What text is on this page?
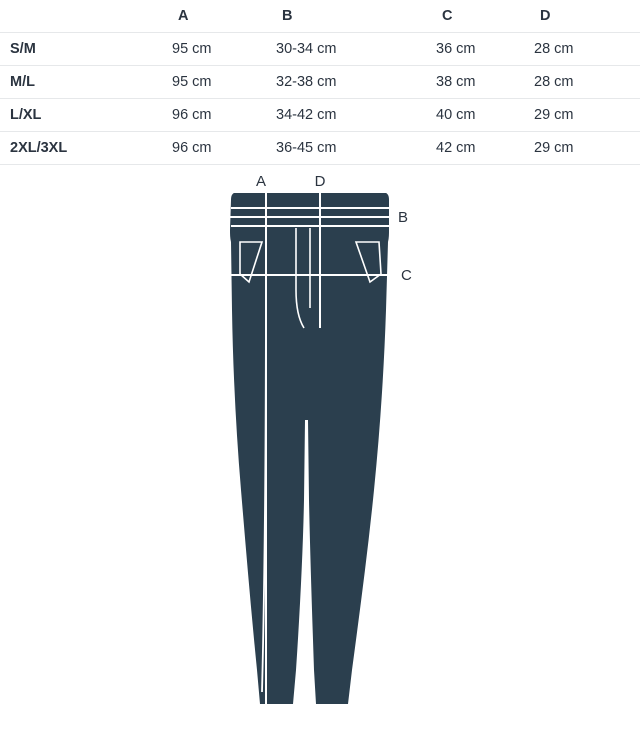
	A	B	C	D
S/M	95 cm	30-34 cm	36 cm	28 cm
M/L	95 cm	32-38 cm	38 cm	28 cm
L/XL	96 cm	34-42 cm	40 cm	29 cm
2XL/3XL	96 cm	36-45 cm	42 cm	29 cm
A	D
B
C
